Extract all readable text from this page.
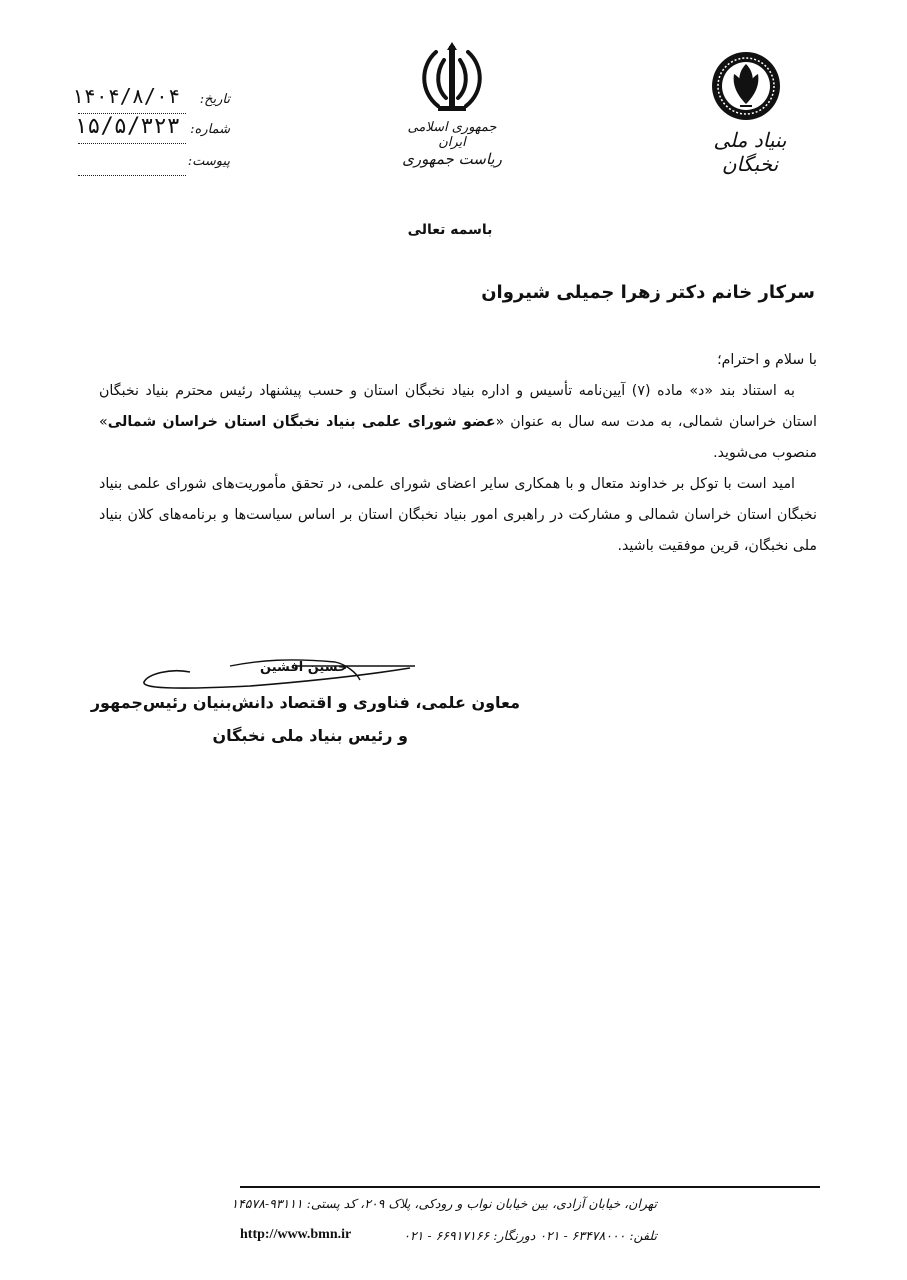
تاریخ:
۱۴۰۴/۸/۰۴
شماره:
۱۵/۵/۳۲۳
پیوست:
جمهوری اسلامی ایران
ریاست جمهوری
بنیاد ملی نخبگان
باسمه تعالی
سرکار خانم دکتر زهرا جمیلی شیروان

با سلام و احترام؛

به استناد بند «د» ماده (۷) آیین‌نامه تأسیس و اداره بنیاد نخبگان استان و حسب پیشنهاد رئیس محترم بنیاد نخبگان استان خراسان شمالی، به مدت سه سال به عنوان «عضو شورای علمی بنیاد نخبگان استان خراسان شمالی» منصوب می‌شوید.

امید است با توکل بر خداوند متعال و با همکاری سایر اعضای شورای علمی، در تحقق مأموریت‌های شورای علمی بنیاد نخبگان استان خراسان شمالی و مشارکت در راهبری امور بنیاد نخبگان استان بر اساس سیاست‌ها و برنامه‌های کلان بنیاد ملی نخبگان، قرین موفقیت باشید.

حسین افشین
معاون علمی، فناوری و اقتصاد دانش‌بنیان رئیس‌جمهور
و رئیس بنیاد ملی نخبگان
تهران، خیابان آزادی، بین خیابان نواب و رودکی، پلاک ۲۰۹، کد پستی: ۹۳۱۱۱-۱۴۵۷۸
تلفن: ۶۳۴۷۸۰۰۰ - ۰۲۱ دورنگار: ۶۶۹۱۷۱۶۶ - ۰۲۱
http://www.bmn.ir
